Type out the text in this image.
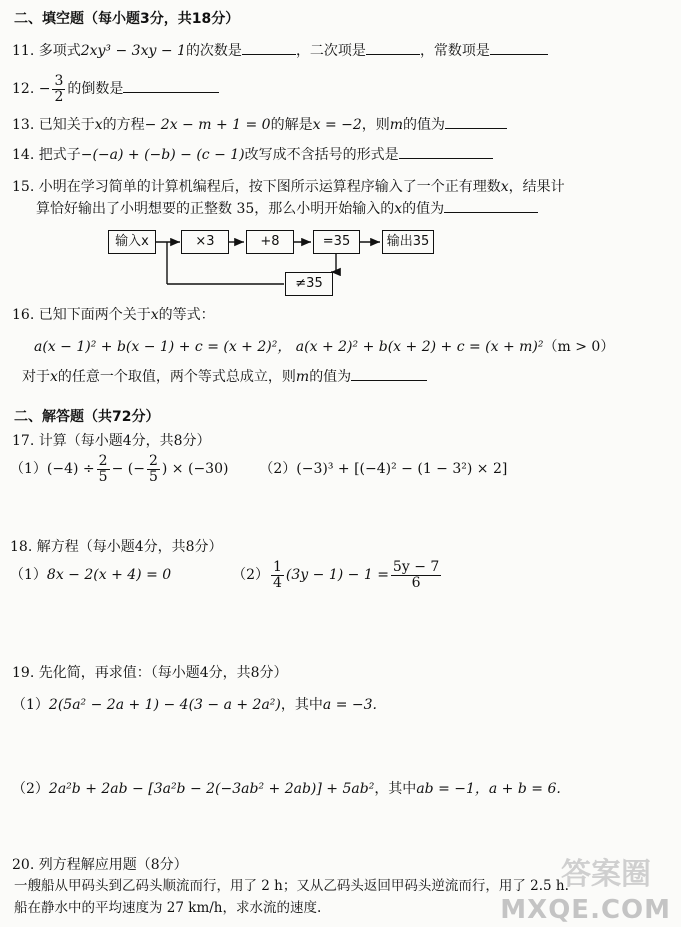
二、填空题（每小题3分，共18分）
11. 多项式2xy³ − 3xy − 1的次数是	，二次项是	，常数项是
12. − $\frac{3}{2}$ 的倒数是
13. 已知关于x的方程− 2x − m + 1 = 0的解是x = −2，则m的值为
14. 把式子−(−a) + (−b) − (c − 1)改写成不含括号的形式是
15. 小明在学习简单的计算机编程后，按下图所示运算程序输入了一个正有理数x，结果计
算恰好输出了小明想要的正整数 35，那么小明开始输入的x的值为
输入x	×3	+8	=35	输出35
≠35
16. 已知下面两个关于x的等式：
a(x − 1)² + b(x − 1) + c = (x + 2)²， a(x + 2)² + b(x + 2) + c = (x + m)²（m > 0）
对于x的任意一个取值，两个等式总成立，则m的值为
二、解答题（共72分）
17. 计算（每小题4分，共8分）
$(1)(-4) \div \frac{2}{5}$ − (− $\frac{2}{5}$ ) × (−30) （2）(−3)³ + [(−4)² − (1 − 3²) × 2]
18. 解方程（每小题4分，共8分）
（1）8x − 2(x + 4) = 0	$(2) \frac{1}{4} (3y - 1) - 1 = \frac{5y - 7}{6}$
19. 先化简，再求值：（每小题4分，共8分）
（1）2(5a² − 2a + 1) − 4(3 − a + 2a²)，其中a = −3.
（2）2a²b + 2ab − [3a²b − 2(−3ab² + 2ab)] + 5ab²，其中ab = −1，a + b = 6.
20. 列方程解应用题（8分）
一艘船从甲码头到乙码头顺流而行，用了 2 h；又从乙码头返回甲码头逆流而行，用了 2.5 h.
船在静水中的平均速度为 27 km/h，求水流的速度.
答案圈
MXQE.COM
